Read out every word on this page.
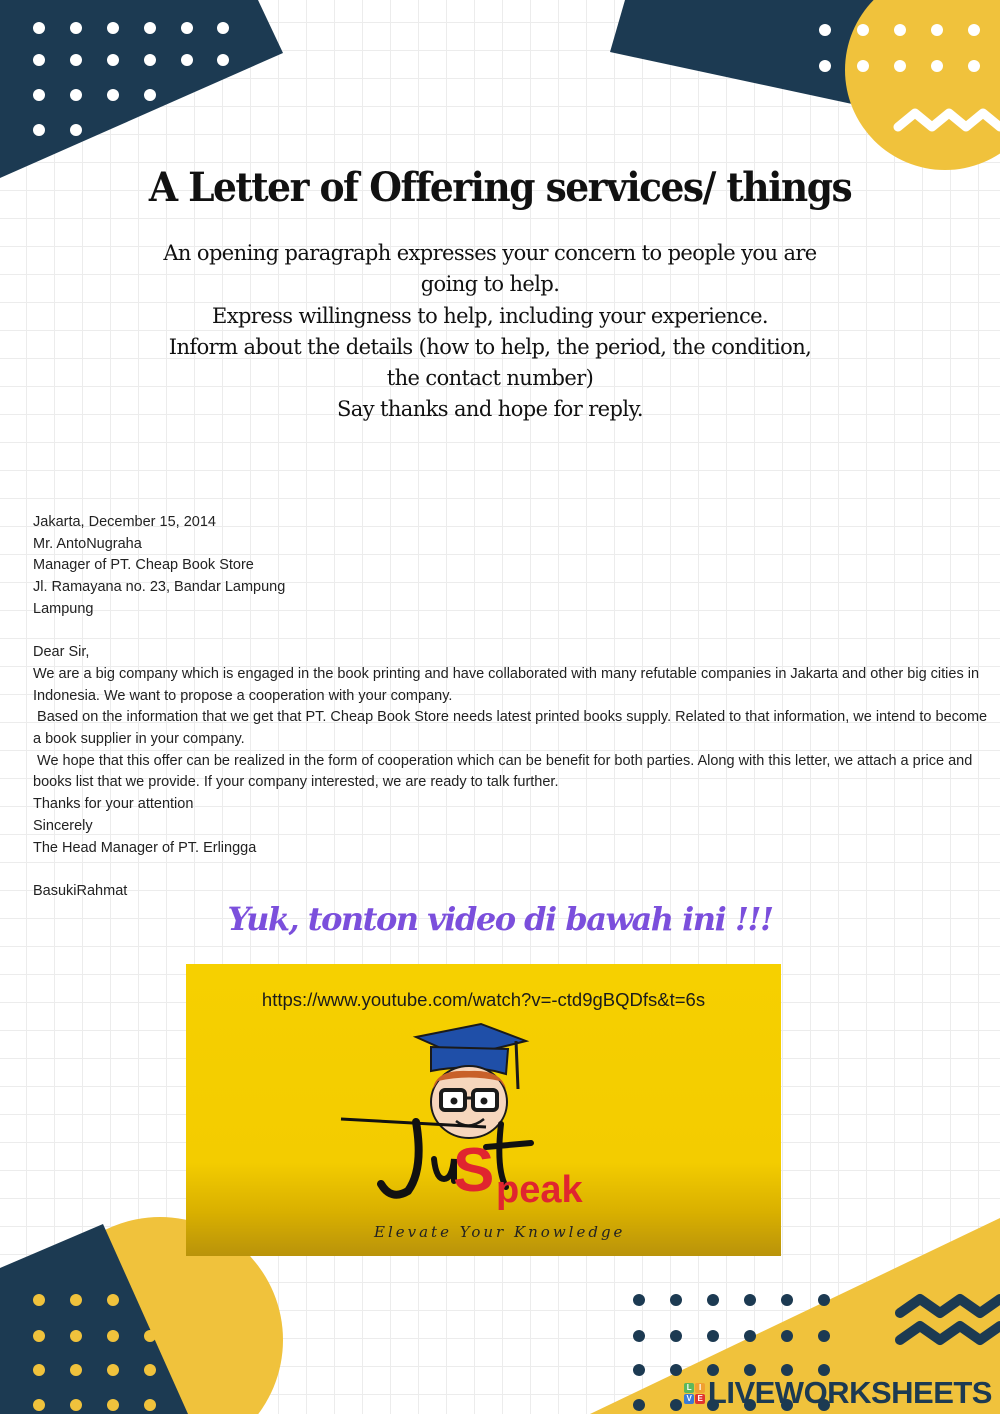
A Letter of Offering services/ things
An opening paragraph expresses your concern to people you are
going to help.
Express willingness to help, including your experience.
Inform about the details (how to help, the period, the condition,
the contact number)
Say thanks and hope for reply.
Jakarta, December 15, 2014
Mr. AntoNugraha
Manager of PT. Cheap Book Store
Jl. Ramayana no. 23, Bandar Lampung
Lampung
Dear Sir,
We are a big company which is engaged in the book printing and have collaborated with many refutable companies in Jakarta and other big cities in Indonesia. We want to propose a cooperation with your company.
Based on the information that we get that PT. Cheap Book Store needs latest printed books supply. Related to that information, we intend to become a book supplier in your company.
We hope that this offer can be realized in the form of cooperation which can be benefit for both parties. Along with this letter, we attach a price and books list that we provide. If your company interested, we are ready to talk further.
Thanks for your attention
Sincerely
The Head Manager of PT. Erlingga
BasukiRahmat
Yuk, tonton video di bawah ini !!!
https://www.youtube.com/watch?v=-ctd9gBQDfs&t=6s
S peak
Elevate Your Knowledge
L I
V E LIVEWORKSHEETS
